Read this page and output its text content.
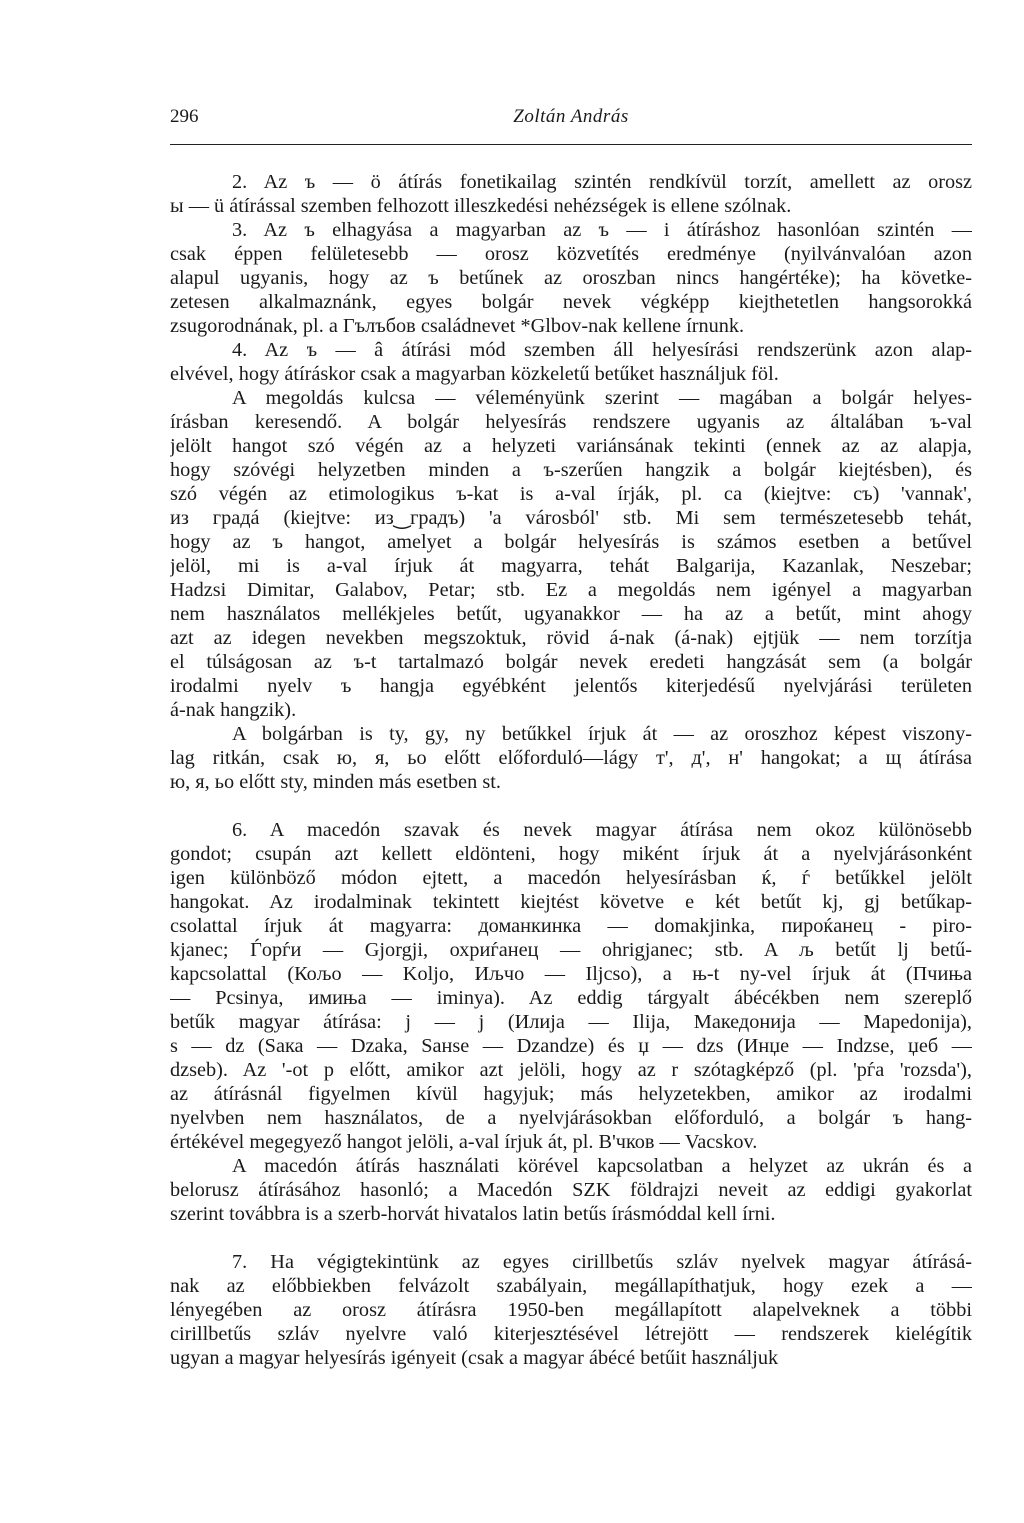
296	Zoltán András

2. Az ъ — ö átírás fonetikailag szintén rendkívül torzít, amellett az orosz
ы — ü átírással szemben felhozott illeszkedési nehézségek is ellene szólnak.

3. Az ъ elhagyása a magyarban az ъ — i átíráshoz hasonlóan szintén —
csak éppen felületesebb — orosz közvetítés eredménye (nyilvánvalóan azon
alapul ugyanis, hogy az ъ betűnek az oroszban nincs hangértéke); ha követke-
zetesen alkalmaznánk, egyes bolgár nevek végképp kiejthetetlen hangsorokká
zsugorodnának, pl. a Гълъбов családnevet *Glbov-nak kellene írnunk.

4. Az ъ — â átírási mód szemben áll helyesírási rendszerünk azon alap-
elvével, hogy átíráskor csak a magyarban közkeletű betűket használjuk föl.

A megoldás kulcsa — véleményünk szerint — magában a bolgár helyes-
írásban keresendő. A bolgár helyesírás rendszere ugyanis az általában ъ-val
jelölt hangot szó végén az a helyzeti variánsának tekinti (ennek az az alapja,
hogy szóvégi helyzetben minden a ъ-szerűen hangzik a bolgár kiejtésben), és
szó végén az etimologikus ъ-kat is a-val írják, pl. са (kiejtve: съ) 'vannak',
из градá (kiejtve: из‿градъ) 'a városból' stb. Mi sem természetesebb tehát,
hogy az ъ hangot, amelyet a bolgár helyesírás is számos esetben a betűvel
jelöl, mi is a-val írjuk át magyarra, tehát Balgarija, Kazanlak, Neszebar;
Hadzsi Dimitar, Galabov, Petar; stb. Ez a megoldás nem igényel a magyarban
nem használatos mellékjeles betűt, ugyanakkor — ha az a betűt, mint ahogy
azt az idegen nevekben megszoktuk, rövid á-nak (á-nak) ejtjük — nem torzítja
el túlságosan az ъ-t tartalmazó bolgár nevek eredeti hangzását sem (a bolgár
irodalmi nyelv ъ hangja egyébként jelentős kiterjedésű nyelvjárási területen
á-nak hangzik).

A bolgárban is ty, gy, ny betűkkel írjuk át — az oroszhoz képest viszony-
lag ritkán, csak ю, я, ьо előtt előforduló—lágy т', д', н' hangokat; a щ átírása
ю, я, ьо előtt sty, minden más esetben st.

6. A macedón szavak és nevek magyar átírása nem okoz különösebb
gondot; csupán azt kellett eldönteni, hogy miként írjuk át a nyelvjárásonként
igen különböző módon ejtett, a macedón helyesírásban ќ, ѓ betűkkel jelölt
hangokat. Az irodalminak tekintett kiejtést követve e két betűt kj, gj betűkap-
csolattal írjuk át magyarra: доманкинка — domakjinka, пироќанец - piro-
kjanec; Ѓорѓи — Gjorgji, охриѓанец — ohrigjanec; stb. A љ betűt lj betű-
kapcsolattal (Кољо — Koljo, Иљчо — Iljcso), a њ-t ny-vel írjuk át (Пчиња
— Pcsinya, имиња — iminya). Az eddig tárgyalt ábécékben nem szereplő
betűk magyar átírása: j — j (Илија — Ilija, Македонија — Mapedonija),
ѕ — dz (Ѕака — Dzaka, Ѕанѕе — Dzandze) és џ — dzs (Инџе — Indzse, џеб —
dzseb). Az '-ot р előtt, amikor azt jelöli, hogy az r szótagképző (pl. 'рѓа 'rozsda'),
az átírásnál figyelmen kívül hagyjuk; más helyzetekben, amikor az irodalmi
nyelvben nem használatos, de a nyelvjárásokban előforduló, a bolgár ъ hang-
értékével megegyező hangot jelöli, a-val írjuk át, pl. В'чков — Vacskov.

A macedón átírás használati körével kapcsolatban a helyzet az ukrán és a
belorusz átírásához hasonló; a Macedón SZK földrajzi neveit az eddigi gyakorlat
szerint továbbra is a szerb-horvát hivatalos latin betűs írásmóddal kell írni.

7. Ha végigtekintünk az egyes cirillbetűs szláv nyelvek magyar átírásá-
nak az előbbiekben felvázolt szabályain, megállapíthatjuk, hogy ezek a —
lényegében az orosz átírásra 1950-ben megállapított alapelveknek a többi
cirillbetűs szláv nyelvre való kiterjesztésével létrejött — rendszerek kielégítik
ugyan a magyar helyesírás igényeit (csak a magyar ábécé betűit használjuk
